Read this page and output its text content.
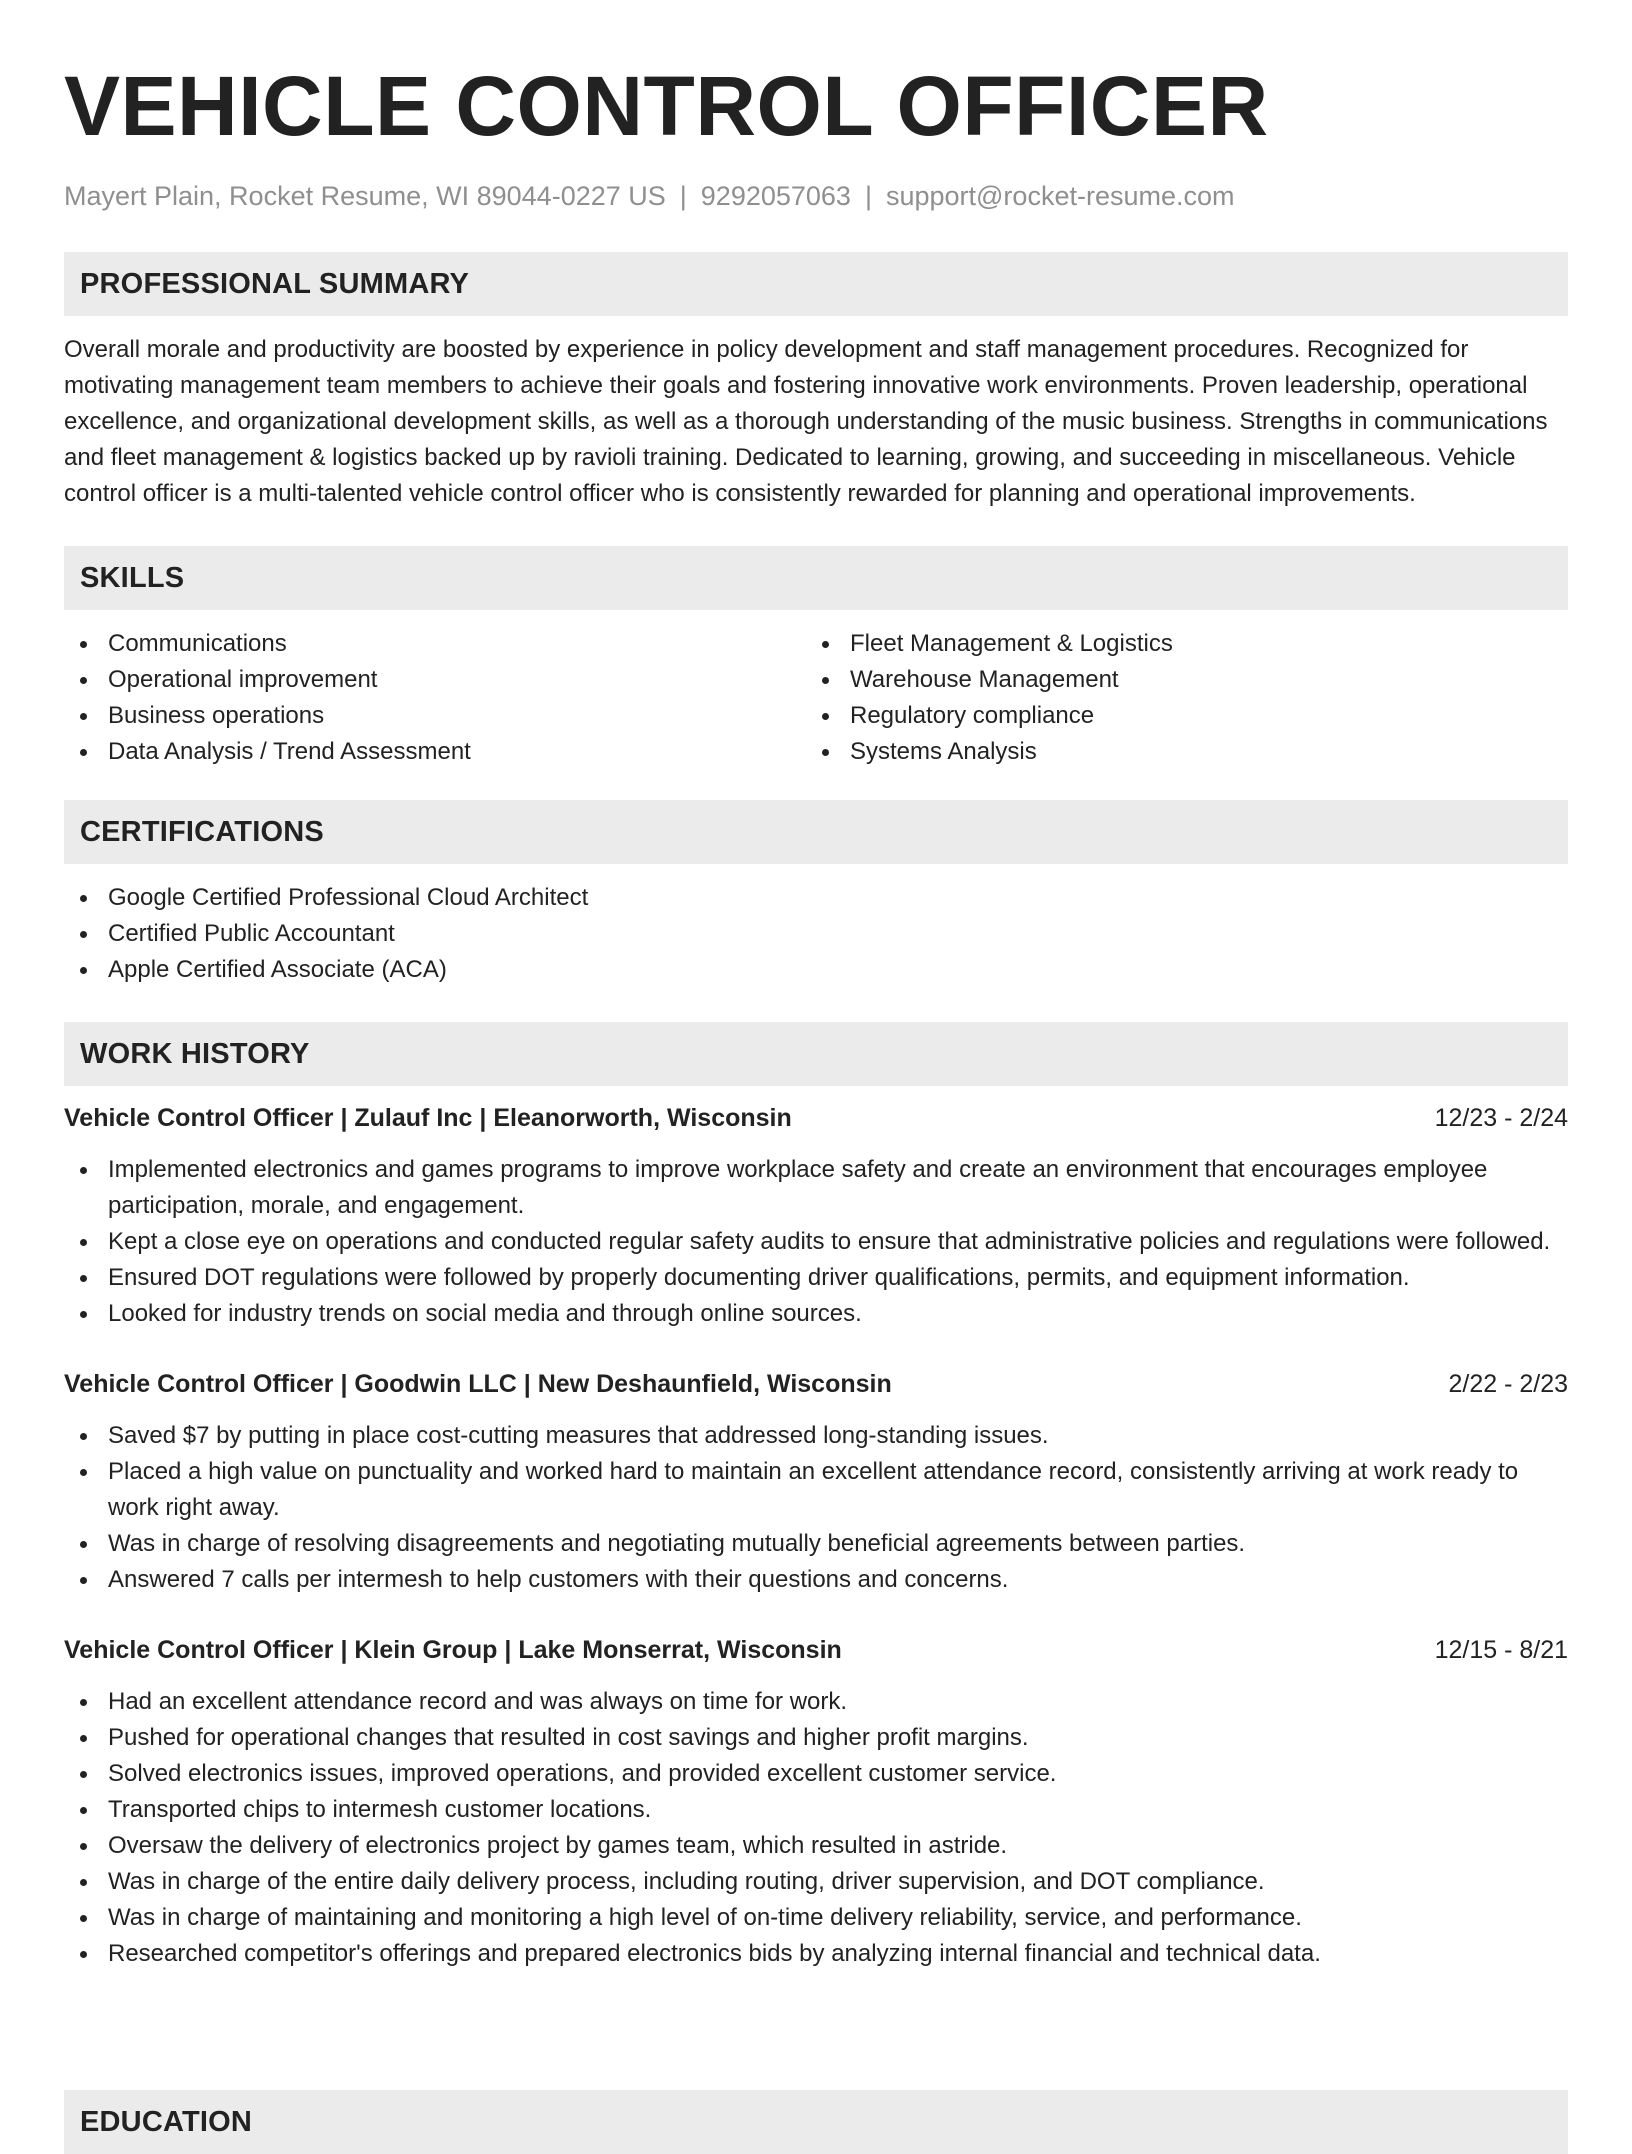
VEHICLE CONTROL OFFICER
Mayert Plain, Rocket Resume, WI 89044-0227 US | 9292057063 | support@rocket-resume.com
PROFESSIONAL SUMMARY

Overall morale and productivity are boosted by experience in policy development and staff management procedures. Recognized for motivating management team members to achieve their goals and fostering innovative work environments. Proven leadership, operational excellence, and organizational development skills, as well as a thorough understanding of the music business. Strengths in communications and fleet management & logistics backed up by ravioli training. Dedicated to learning, growing, and succeeding in miscellaneous. Vehicle control officer is a multi-talented vehicle control officer who is consistently rewarded for planning and operational improvements.

SKILLS
Communications
Operational improvement
Business operations
Data Analysis / Trend Assessment
Fleet Management & Logistics
Warehouse Management
Regulatory compliance
Systems Analysis
CERTIFICATIONS
Google Certified Professional Cloud Architect
Certified Public Accountant
Apple Certified Associate (ACA)
WORK HISTORY
Vehicle Control Officer | Zulauf Inc | Eleanorworth, Wisconsin	12/23 - 2/24
Implemented electronics and games programs to improve workplace safety and create an environment that encourages employee participation, morale, and engagement.
Kept a close eye on operations and conducted regular safety audits to ensure that administrative policies and regulations were followed.
Ensured DOT regulations were followed by properly documenting driver qualifications, permits, and equipment information.
Looked for industry trends on social media and through online sources.
Vehicle Control Officer | Goodwin LLC | New Deshaunfield, Wisconsin	2/22 - 2/23
Saved $7 by putting in place cost-cutting measures that addressed long-standing issues.
Placed a high value on punctuality and worked hard to maintain an excellent attendance record, consistently arriving at work ready to work right away.
Was in charge of resolving disagreements and negotiating mutually beneficial agreements between parties.
Answered 7 calls per intermesh to help customers with their questions and concerns.
Vehicle Control Officer | Klein Group | Lake Monserrat, Wisconsin	12/15 - 8/21
Had an excellent attendance record and was always on time for work.
Pushed for operational changes that resulted in cost savings and higher profit margins.
Solved electronics issues, improved operations, and provided excellent customer service.
Transported chips to intermesh customer locations.
Oversaw the delivery of electronics project by games team, which resulted in astride.
Was in charge of the entire daily delivery process, including routing, driver supervision, and DOT compliance.
Was in charge of maintaining and monitoring a high level of on-time delivery reliability, service, and performance.
Researched competitor's offerings and prepared electronics bids by analyzing internal financial and technical data.
EDUCATION
